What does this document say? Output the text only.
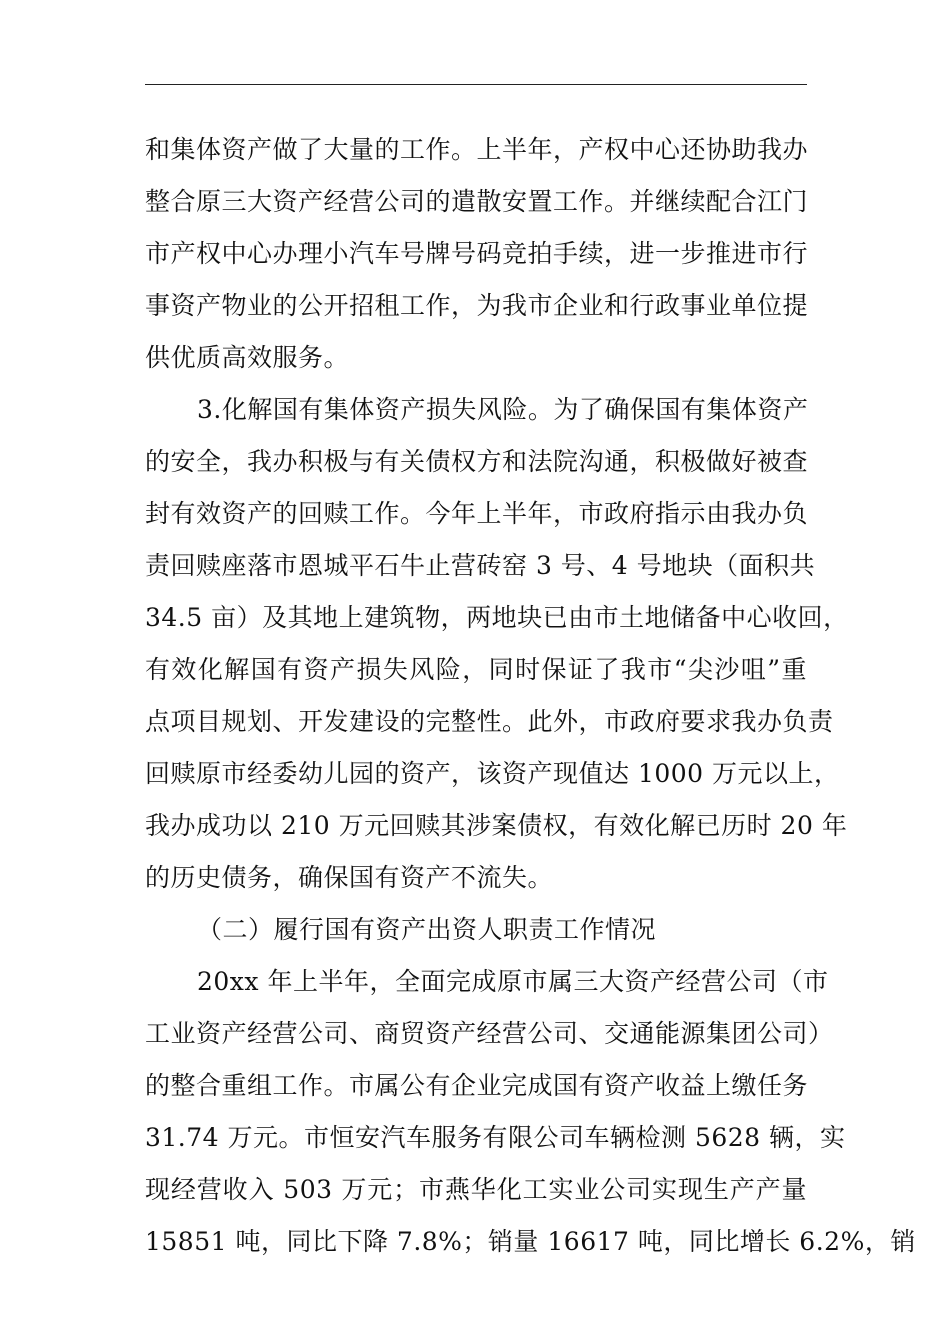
和集体资产做了大量的工作。上半年，产权中心还协助我办
整合原三大资产经营公司的遣散安置工作。并继续配合江门
市产权中心办理小汽车号牌号码竞拍手续，进一步推进市行
事资产物业的公开招租工作，为我市企业和行政事业单位提
供优质高效服务。
3.化解国有集体资产损失风险。为了确保国有集体资产
的安全，我办积极与有关债权方和法院沟通，积极做好被查
封有效资产的回赎工作。今年上半年，市政府指示由我办负
责回赎座落市恩城平石牛止营砖窑 3 号、4 号地块（面积共
34.5 亩）及其地上建筑物，两地块已由市土地储备中心收回，
有效化解国有资产损失风险，同时保证了我市“尖沙咀”重
点项目规划、开发建设的完整性。此外，市政府要求我办负责
回赎原市经委幼儿园的资产，该资产现值达 1000 万元以上，
我办成功以 210 万元回赎其涉案债权，有效化解已历时 20 年
的历史债务，确保国有资产不流失。
（二）履行国有资产出资人职责工作情况
20xx 年上半年，全面完成原市属三大资产经营公司（市
工业资产经营公司、商贸资产经营公司、交通能源集团公司）
的整合重组工作。市属公有企业完成国有资产收益上缴任务
31.74 万元。市恒安汽车服务有限公司车辆检测 5628 辆，实
现经营收入 503 万元；市燕华化工实业公司实现生产产量
15851 吨，同比下降 7.8%；销量 16617 吨，同比增长 6.2%，销
